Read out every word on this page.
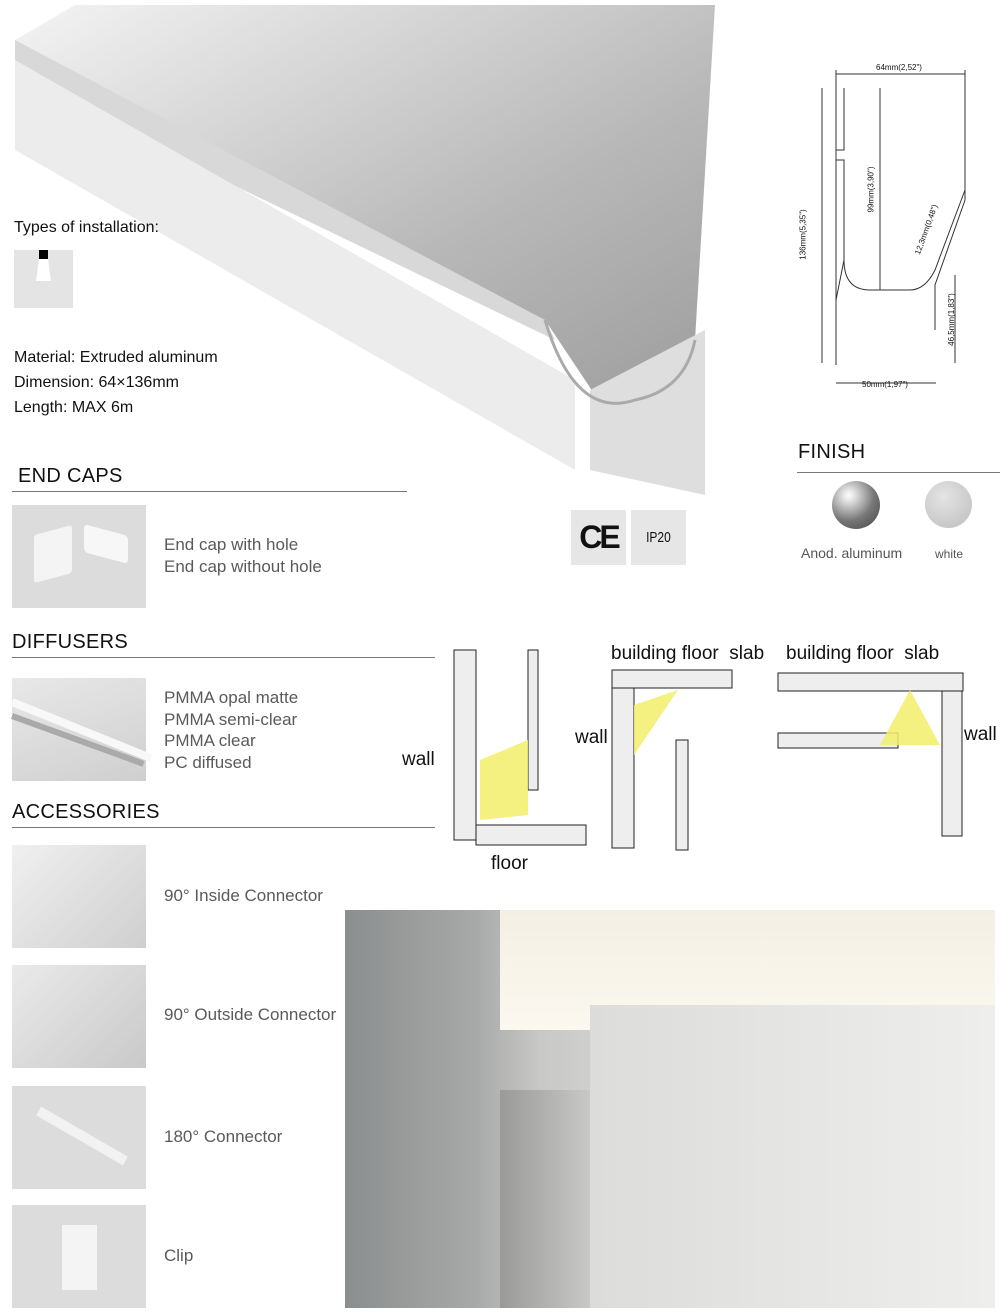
Types of installation:
Material: Extruded aluminum
Dimension: 64×136mm
Length: MAX 6m
64mm(2,52")
136mm(5,35")
99mm(3,90")
12,3mm(0,48")
46,5mm(1,83")
50mm(1,97")
END CAPS
End cap with hole
End cap without hole
CE IP20
FINISH
Anod. aluminum	white
DIFFUSERS
PMMA opal matte
PMMA semi-clear
PMMA clear
PC diffused	wall
floor
building floor  slab
wall
building floor  slab
wall
ACCESSORIES
90° Inside Connector
90° Outside Connector
180° Connector
Clip
